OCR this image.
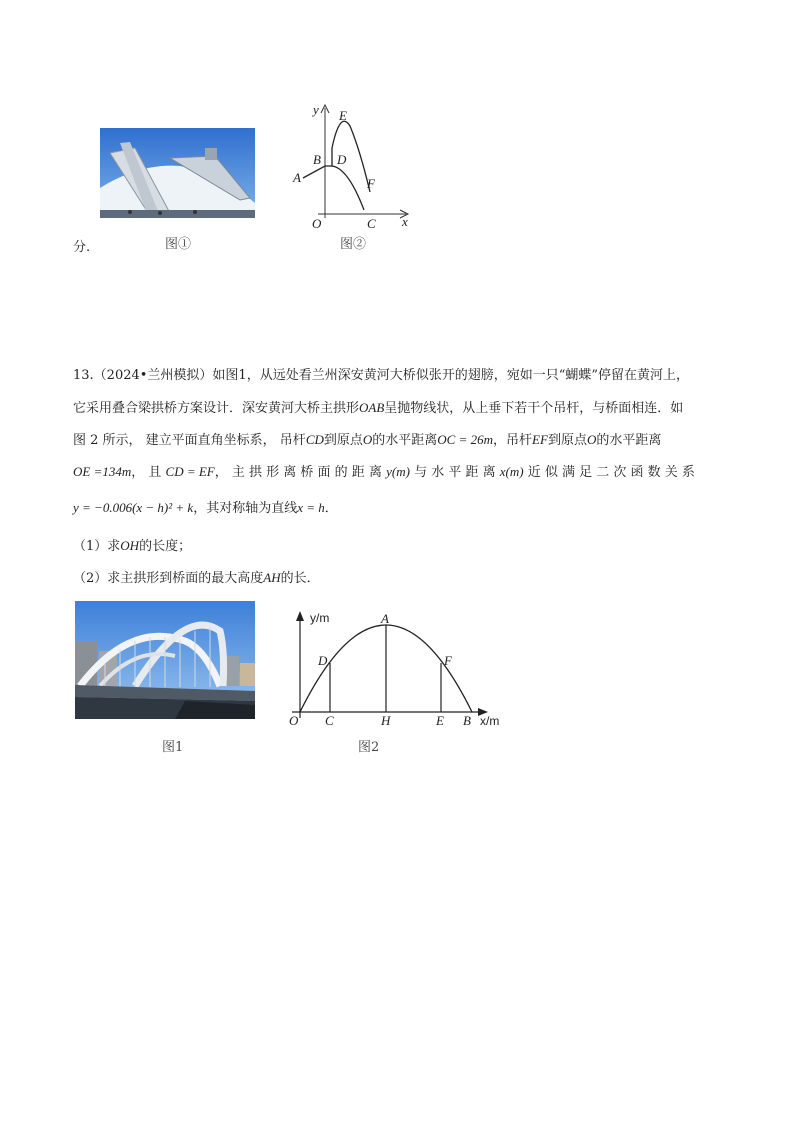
图①
y
x
O
A
B
C
D
E
F
图②
分.
13.（2024•兰州模拟）如图1，从远处看兰州深安黄河大桥似张开的翅膀，宛如一只“蝴蝶”停留在黄河上，
它采用叠合梁拱桥方案设计．深安黄河大桥主拱形OAB呈抛物线状，从上垂下若干个吊杆，与桥面相连．如
图 2 所示， 建立平面直角坐标系， 吊杆CD到原点O的水平距离OC = 26m，吊杆EF到原点O的水平距离
OE =134m， 且 CD = EF， 主 拱 形 离 桥 面 的 距 离 y(m) 与 水 平 距 离 x(m) 近 似 满 足 二 次 函 数 关 系
y = −0.006(x − h)² + k，其对称轴为直线x = h．
（1）求OH的长度；
（2）求主拱形到桥面的最大高度AH的长．
图1
y/m
x/m
O C	H	E B
D
A
F
图2
